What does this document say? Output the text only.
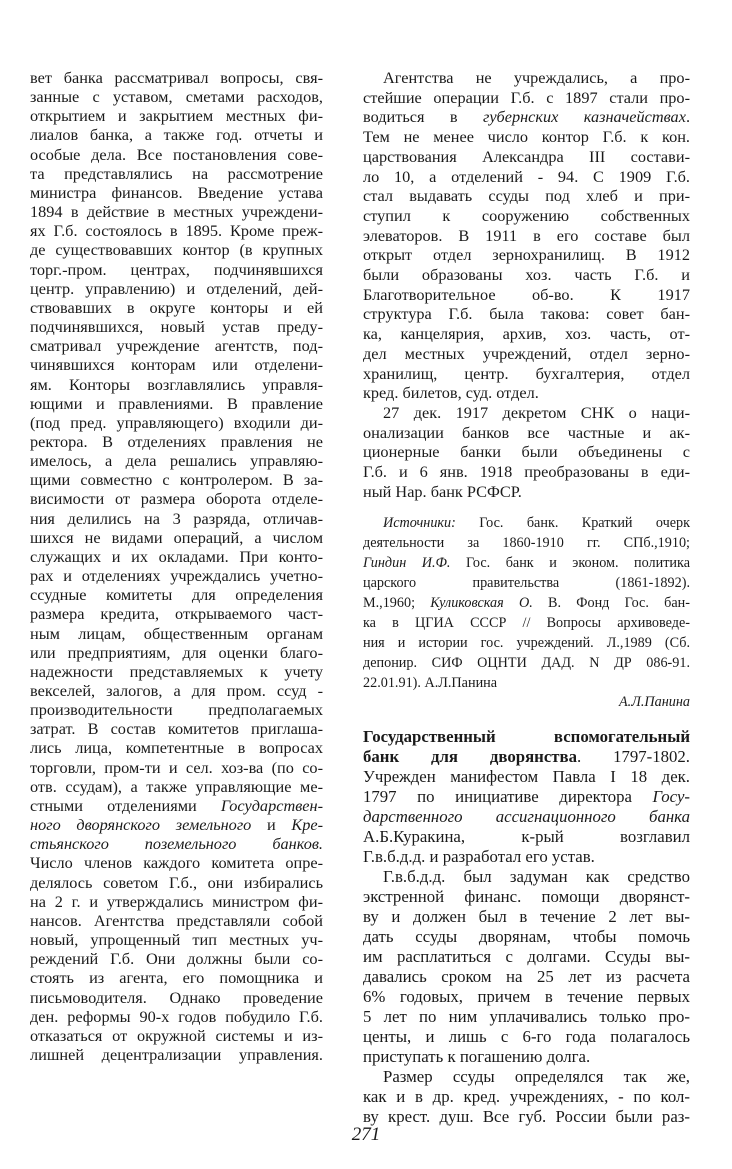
вет банка рассматривал вопросы, свя-
занные с уставом, сметами расходов,
открытием и закрытием местных фи-
лиалов банка, а также год. отчеты и
особые дела. Все постановления сове-
та представлялись на рассмотрение
министра финансов. Введение устава
1894 в действие в местных учреждени-
ях Г.б. состоялось в 1895. Кроме преж-
де существовавших контор (в крупных
торг.-пром. центрах, подчинявшихся
центр. управлению) и отделений, дей-
ствовавших в округе конторы и ей
подчинявшихся, новый устав преду-
сматривал учреждение агентств, под-
чинявшихся конторам или отделени-
ям. Конторы возглавлялись управля-
ющими и правлениями. В правление
(под пред. управляющего) входили ди-
ректора. В отделениях правления не
имелось, а дела решались управляю-
щими совместно с контролером. В за-
висимости от размера оборота отделе-
ния делились на 3 разряда, отличав-
шихся не видами операций, а числом
служащих и их окладами. При конто-
рах и отделениях учреждались учетно-
ссудные комитеты для определения
размера кредита, открываемого част-
ным лицам, общественным органам
или предприятиям, для оценки благо-
надежности представляемых к учету
векселей, залогов, а для пром. ссуд -
производительности предполагаемых
затрат. В состав комитетов приглаша-
лись лица, компетентные в вопросах
торговли, пром-ти и сел. хоз-ва (по со-
отв. ссудам), а также управляющие ме-
стными отделениями Государствен-
ного дворянского земельного и Кре-
стьянского поземельного банков.
Число членов каждого комитета опре-
делялось советом Г.б., они избирались
на 2 г. и утверждались министром фи-
нансов. Агентства представляли собой
новый, упрощенный тип местных уч-
реждений Г.б. Они должны были со-
стоять из агента, его помощника и
письмоводителя. Однако проведение
ден. реформы 90-х годов побудило Г.б.
отказаться от окружной системы и из-
лишней децентрализации управления.
Агентства не учреждались, а про-
стейшие операции Г.б. с 1897 стали про-
водиться в губернских казначействах.
Тем не менее число контор Г.б. к кон.
царствования Александра III состави-
ло 10, а отделений - 94. С 1909 Г.б.
стал выдавать ссуды под хлеб и при-
ступил к сооружению собственных
элеваторов. В 1911 в его составе был
открыт отдел зернохранилищ. В 1912
были образованы хоз. часть Г.б. и
Благотворительное об-во. К 1917
структура Г.б. была такова: совет бан-
ка, канцелярия, архив, хоз. часть, от-
дел местных учреждений, отдел зерно-
хранилищ, центр. бухгалтерия, отдел
кред. билетов, суд. отдел.
27 дек. 1917 декретом СНК о наци-
онализации банков все частные и ак-
ционерные банки были объединены с
Г.б. и 6 янв. 1918 преобразованы в еди-
ный Нар. банк РСФСР.
Источники: Гос. банк. Краткий очерк
деятельности за 1860-1910 гг. СПб.,1910;
Гиндин И.Ф. Гос. банк и эконом. политика
царского правительства (1861-1892).
М.,1960; Куликовская О. В. Фонд Гос. бан-
ка в ЦГИА СССР // Вопросы архивоведе-
ния и истории гос. учреждений. Л.,1989 (Сб.
депонир. СИФ ОЦНТИ ДАД. N ДР 086-91.
22.01.91). А.Л.Панина
А.Л.Панина
Государственный вспомогательный
банк для дворянства. 1797-1802.
Учрежден манифестом Павла I 18 дек.
1797 по инициативе директора Госу-
дарственного ассигнационного банка
А.Б.Куракина, к-рый возглавил
Г.в.б.д.д. и разработал его устав.
Г.в.б.д.д. был задуман как средство
экстренной финанс. помощи дворянст-
ву и должен был в течение 2 лет вы-
дать ссуды дворянам, чтобы помочь
им расплатиться с долгами. Ссуды вы-
давались сроком на 25 лет из расчета
6% годовых, причем в течение первых
5 лет по ним уплачивались только про-
центы, и лишь с 6-го года полагалось
приступать к погашению долга.
Размер ссуды определялся так же,
как и в др. кред. учреждениях, - по кол-
ву крест. душ. Все губ. России были раз-
271
